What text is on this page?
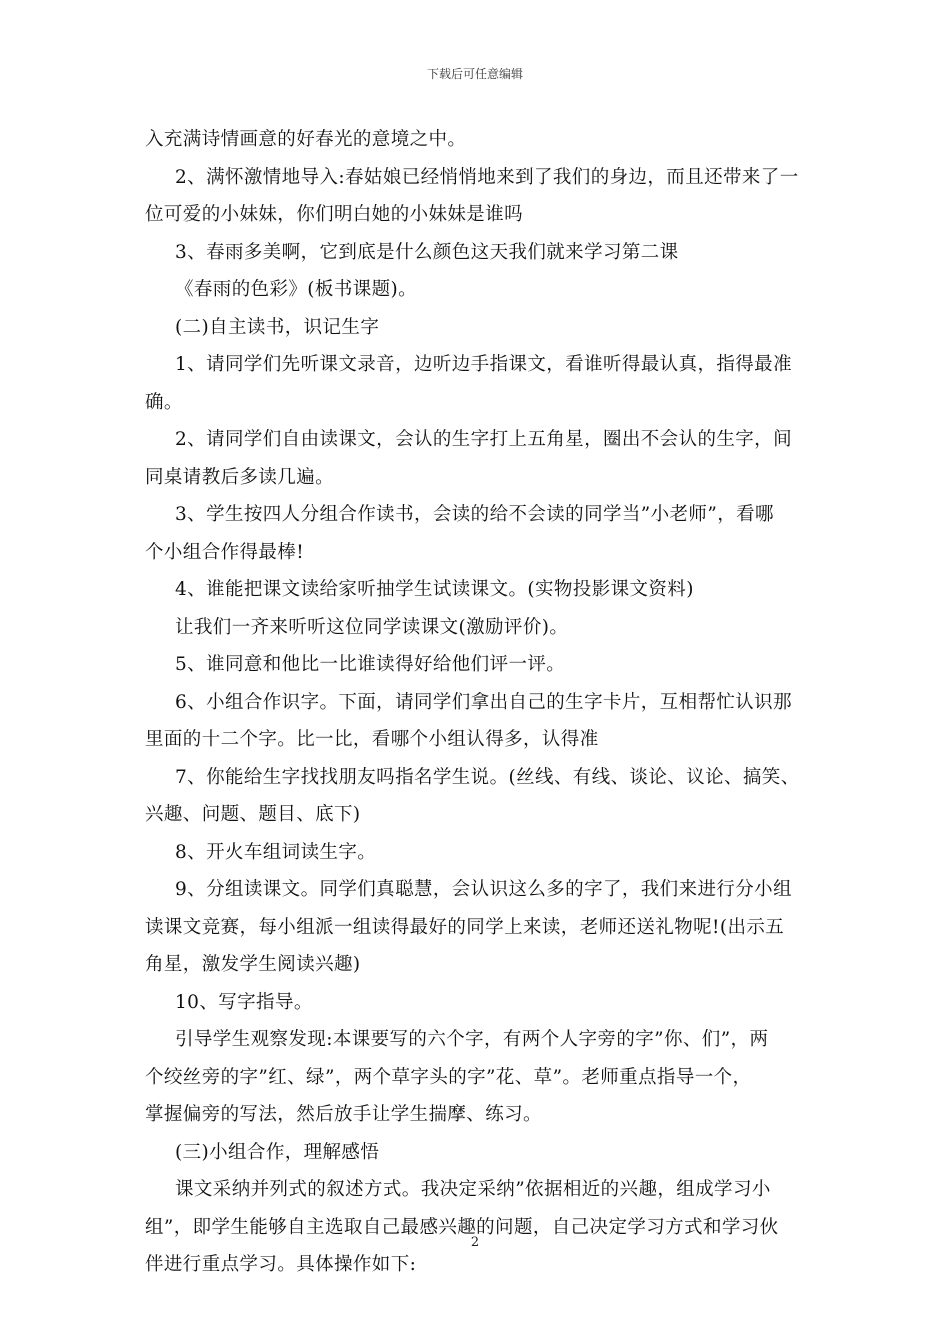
下载后可任意编辑
入充满诗情画意的好春光的意境之中。
2、满怀激情地导入:春姑娘已经悄悄地来到了我们的身边，而且还带来了一
位可爱的小妹妹，你们明白她的小妹妹是谁吗
3、春雨多美啊，它到底是什么颜色这天我们就来学习第二课
《春雨的色彩》(板书课题)。
(二)自主读书，识记生字
1、请同学们先听课文录音，边听边手指课文，看谁听得最认真，指得最准
确。
2、请同学们自由读课文，会认的生字打上五角星，圈出不会认的生字，间
同桌请教后多读几遍。
3、学生按四人分组合作读书，会读的给不会读的同学当”小老师”，看哪
个小组合作得最棒!
4、谁能把课文读给家听抽学生试读课文。(实物投影课文资料)
让我们一齐来听听这位同学读课文(激励评价)。
5、谁同意和他比一比谁读得好给他们评一评。
6、小组合作识字。下面，请同学们拿出自己的生字卡片，互相帮忙认识那
里面的十二个字。比一比，看哪个小组认得多，认得准
7、你能给生字找找朋友吗指名学生说。(丝线、有线、谈论、议论、搞笑、
兴趣、问题、题目、底下)
8、开火车组词读生字。
9、分组读课文。同学们真聪慧，会认识这么多的字了，我们来进行分小组
读课文竞赛，每小组派一组读得最好的同学上来读，老师还送礼物呢!(出示五
角星，激发学生阅读兴趣)
10、写字指导。
引导学生观察发现:本课要写的六个字，有两个人字旁的字”你、们”，两
个绞丝旁的字”红、绿”，两个草字头的字”花、草”。老师重点指导一个，
掌握偏旁的写法，然后放手让学生揣摩、练习。
(三)小组合作，理解感悟
课文采纳并列式的叙述方式。我决定采纳”依据相近的兴趣，组成学习小
组”，即学生能够自主选取自己最感兴趣的问题，自己决定学习方式和学习伙
伴进行重点学习。具体操作如下:
2
